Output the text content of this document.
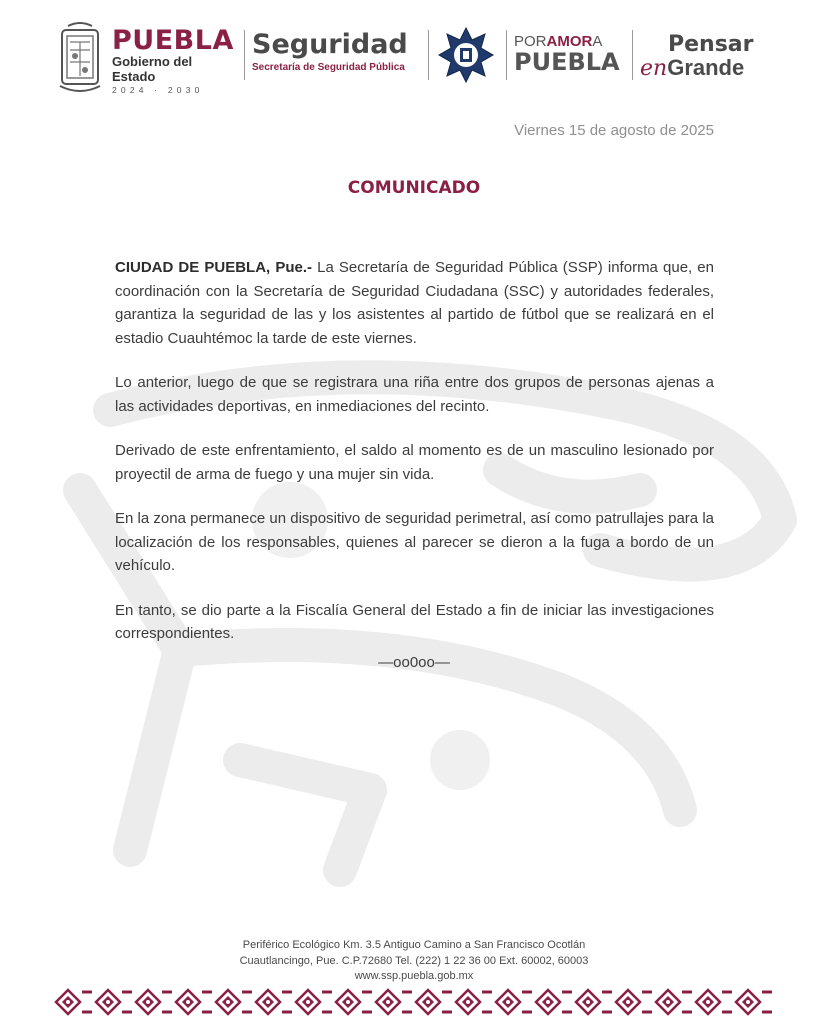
PUEBLA
Gobierno del Estado
2024 · 2030
Seguridad
Secretaría de Seguridad Pública
PORAMORA
PUEBLA
Pensar
enGrande
Viernes 15 de agosto de 2025
COMUNICADO

CIUDAD DE PUEBLA, Pue.- La Secretaría de Seguridad Pública (SSP) informa que, en coordinación con la Secretaría de Seguridad Ciudadana (SSC) y autoridades federales, garantiza la seguridad de las y los asistentes al partido de fútbol que se realizará en el estadio Cuauhtémoc la tarde de este viernes.

Lo anterior, luego de que se registrara una riña entre dos grupos de personas ajenas a las actividades deportivas, en inmediaciones del recinto.

Derivado de este enfrentamiento, el saldo al momento es de un masculino lesionado por proyectil de arma de fuego y una mujer sin vida.

En la zona permanece un dispositivo de seguridad perimetral, así como patrullajes para la localización de los responsables, quienes al parecer se dieron a la fuga a bordo de un vehículo.

En tanto, se dio parte a la Fiscalía General del Estado a fin de iniciar las investigaciones correspondientes.

—oo0oo—
Periférico Ecológico Km. 3.5 Antiguo Camino a San Francisco Ocotlán
Cuautlancingo, Pue. C.P.72680 Tel. (222) 1 22 36 00 Ext. 60002, 60003
www.ssp.puebla.gob.mx
